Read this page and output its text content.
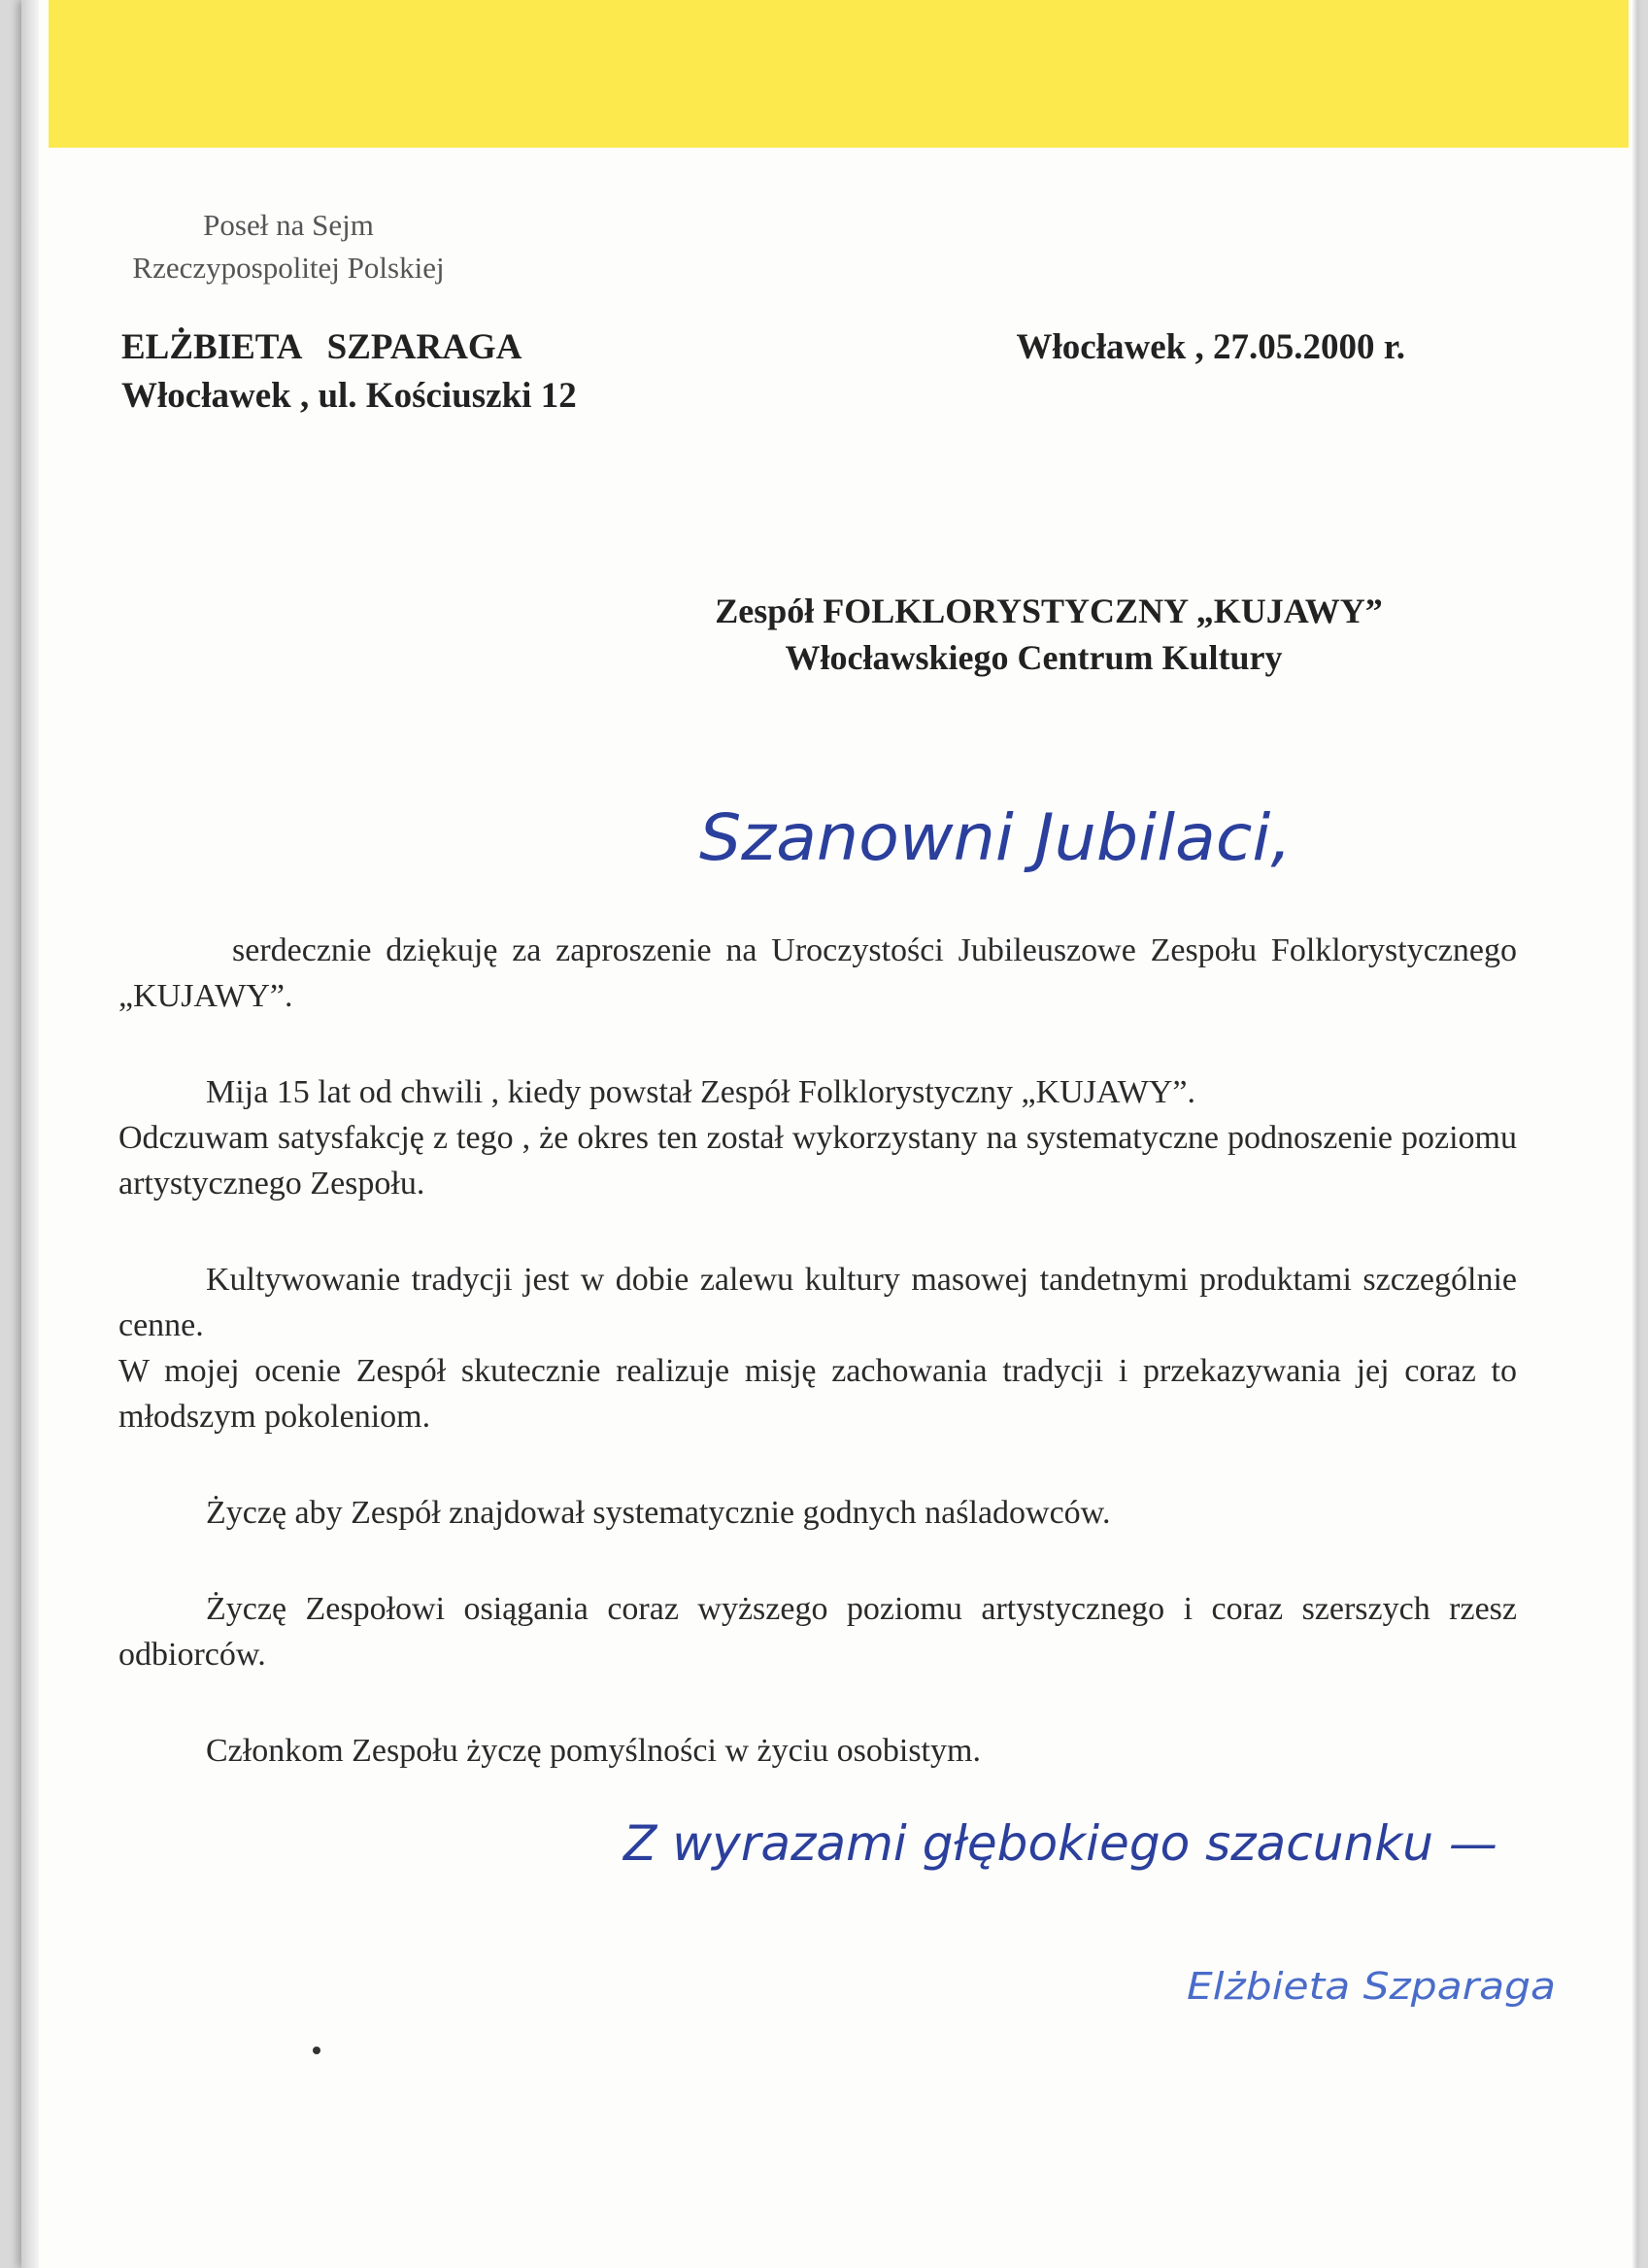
Poseł na Sejm
Rzeczypospolitej Polskiej
ELŻBIETA SZPARAGA
Włocławek , ul. Kościuszki 12
Włocławek , 27.05.2000 r.
Zespół FOLKLORYSTYCZNY „KUJAWY”
Włocławskiego Centrum Kultury
Szanowni Jubilaci,

serdecznie dziękuję za zaproszenie na Uroczystości Jubileuszowe Zespołu Folklorystycznego „KUJAWY”.

Mija 15 lat od chwili , kiedy powstał Zespół Folklorystyczny „KUJAWY”.

Odczuwam satysfakcję z tego , że okres ten został wykorzystany na systematyczne podnoszenie poziomu artystycznego Zespołu.

Kultywowanie tradycji jest w dobie zalewu kultury masowej tandetnymi produktami szczególnie cenne.

W mojej ocenie Zespół skutecznie realizuje misję zachowania tradycji i przekazywania jej coraz to młodszym pokoleniom.

Życzę aby Zespół znajdował systematycznie godnych naśladowców.

Życzę Zespołowi osiągania coraz wyższego poziomu artystycznego i coraz szerszych rzesz odbiorców.

Członkom Zespołu życzę pomyślności w życiu osobistym.

Z wyrazami głębokiego szacunku —
Elżbieta Szparaga
